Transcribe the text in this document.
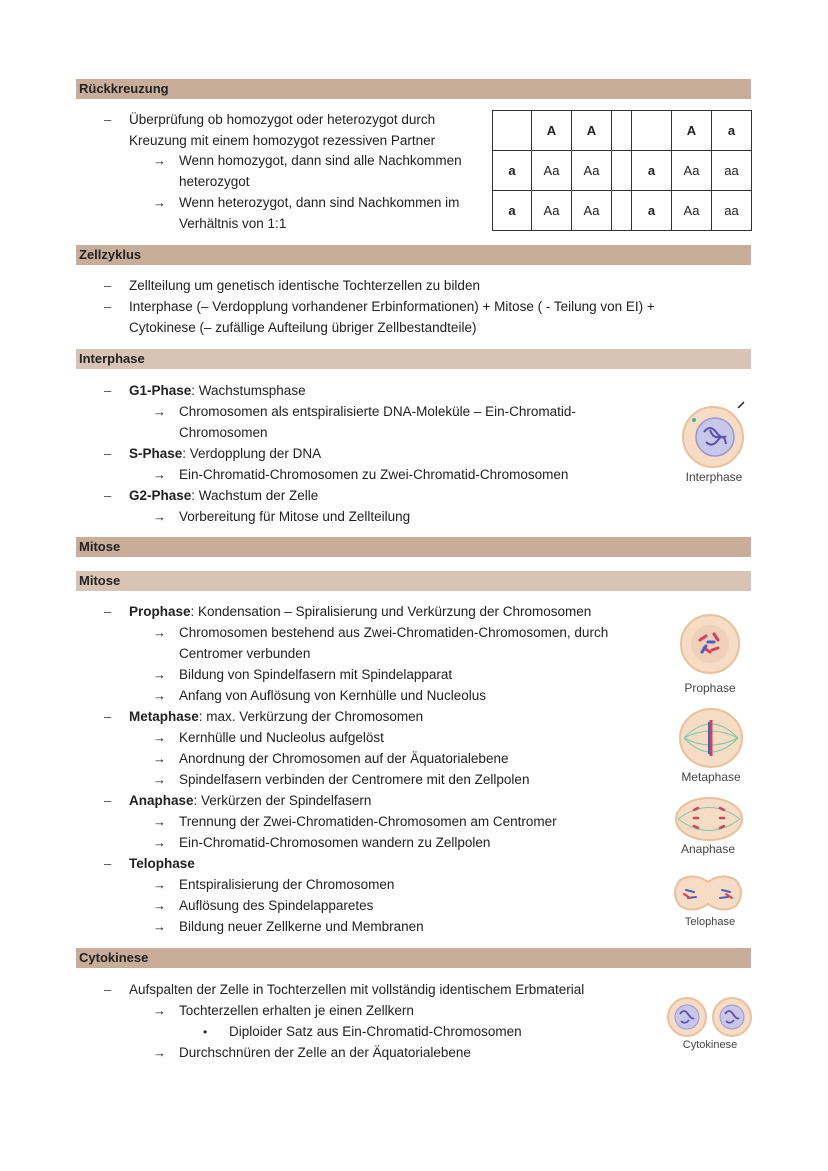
Rückkreuzung
– Überprüfung ob homozygot oder heterozygot durch
Kreuzung mit einem homozygot rezessiven Partner
→ Wenn homozygot, dann sind alle Nachkommen
heterozygot
→ Wenn heterozygot, dann sind Nachkommen im
Verhältnis von 1:1
	A	A			A	a
a	Aa	Aa		a	Aa	aa
a	Aa	Aa		a	Aa	aa
Zellzyklus
– Zellteilung um genetisch identische Tochterzellen zu bilden
– Interphase (– Verdopplung vorhandener Erbinformationen) + Mitose ( - Teilung von EI) +
Cytokinese (– zufällige Aufteilung übriger Zellbestandteile)
Interphase
– G1-Phase: Wachstumsphase
→ Chromosomen als entspiralisierte DNA-Moleküle – Ein-Chromatid-
Chromosomen
– S-Phase: Verdopplung der DNA
→ Ein-Chromatid-Chromosomen zu Zwei-Chromatid-Chromosomen
– G2-Phase: Wachstum der Zelle
→ Vorbereitung für Mitose und Zellteilung
Interphase
Mitose
Mitose
– Prophase: Kondensation – Spiralisierung und Verkürzung der Chromosomen
→ Chromosomen bestehend aus Zwei-Chromatiden-Chromosomen, durch
Centromer verbunden
→ Bildung von Spindelfasern mit Spindelapparat
→ Anfang von Auflösung von Kernhülle und Nucleolus
– Metaphase: max. Verkürzung der Chromosomen
→ Kernhülle und Nucleolus aufgelöst
→ Anordnung der Chromosomen auf der Äquatorialebene
→ Spindelfasern verbinden der Centromere mit den Zellpolen
– Anaphase: Verkürzen der Spindelfasern
→ Trennung der Zwei-Chromatiden-Chromosomen am Centromer
→ Ein-Chromatid-Chromosomen wandern zu Zellpolen
– Telophase
→ Entspiralisierung der Chromosomen
→ Auflösung des Spindelapparetes
→ Bildung neuer Zellkerne und Membranen
Prophase
Metaphase
Anaphase
Telophase
Cytokinese
– Aufspalten der Zelle in Tochterzellen mit vollständig identischem Erbmaterial
→ Tochterzellen erhalten je einen Zellkern
• Diploider Satz aus Ein-Chromatid-Chromosomen
→ Durchschnüren der Zelle an der Äquatorialebene	Cytokinese
